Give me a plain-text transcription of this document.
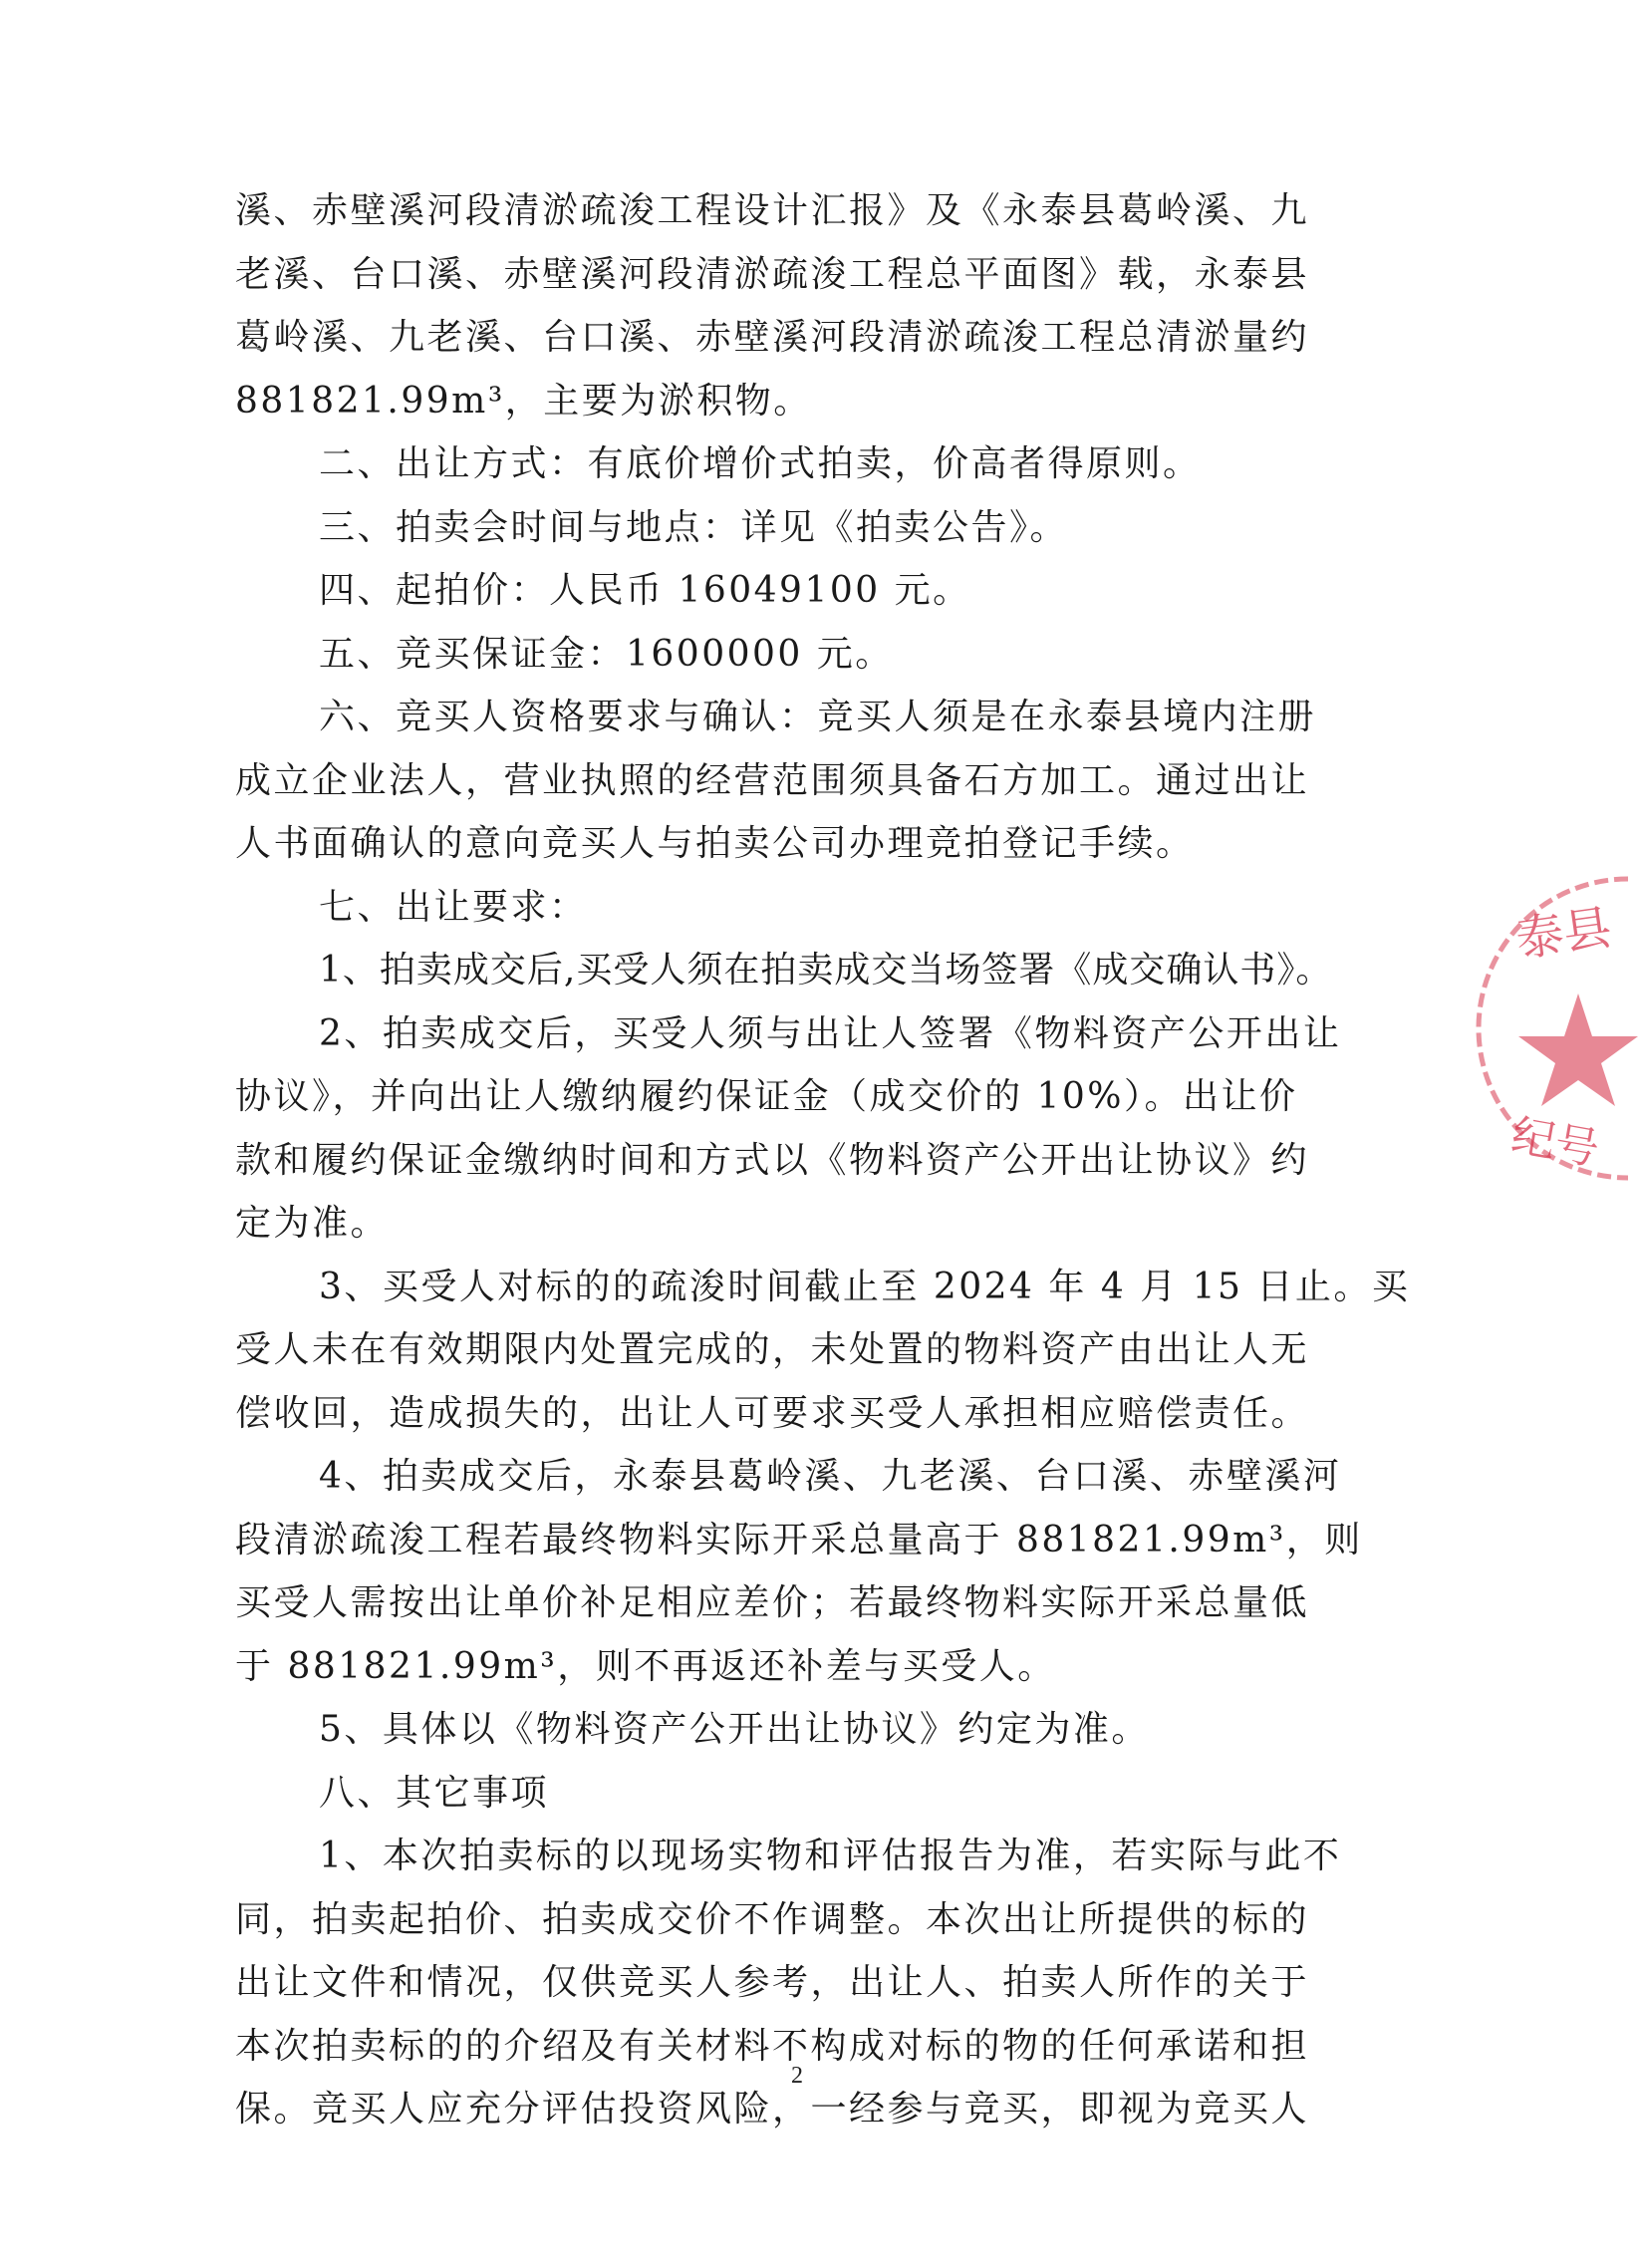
溪、赤壁溪河段清淤疏浚工程设计汇报》及《永泰县葛岭溪、九
老溪、台口溪、赤壁溪河段清淤疏浚工程总平面图》载，永泰县
葛岭溪、九老溪、台口溪、赤壁溪河段清淤疏浚工程总清淤量约
881821.99m³，主要为淤积物。
二、出让方式：有底价增价式拍卖，价高者得原则。
三、拍卖会时间与地点：详见《拍卖公告》。
四、起拍价：人民币 16049100 元。
五、竞买保证金：1600000 元。
六、竞买人资格要求与确认：竞买人须是在永泰县境内注册
成立企业法人，营业执照的经营范围须具备石方加工。通过出让
人书面确认的意向竞买人与拍卖公司办理竞拍登记手续。
七、出让要求：
1、拍卖成交后,买受人须在拍卖成交当场签署《成交确认书》。
2、拍卖成交后，买受人须与出让人签署《物料资产公开出让
协议》，并向出让人缴纳履约保证金（成交价的 10%）。出让价
款和履约保证金缴纳时间和方式以《物料资产公开出让协议》约
定为准。
3、买受人对标的的疏浚时间截止至 2024 年 4 月 15 日止。买
受人未在有效期限内处置完成的，未处置的物料资产由出让人无
偿收回，造成损失的，出让人可要求买受人承担相应赔偿责任。
4、拍卖成交后，永泰县葛岭溪、九老溪、台口溪、赤壁溪河
段清淤疏浚工程若最终物料实际开采总量高于 881821.99m³，则
买受人需按出让单价补足相应差价；若最终物料实际开采总量低
于 881821.99m³，则不再返还补差与买受人。
5、具体以《物料资产公开出让协议》约定为准。
八、其它事项
1、本次拍卖标的以现场实物和评估报告为准，若实际与此不
同，拍卖起拍价、拍卖成交价不作调整。本次出让所提供的标的
出让文件和情况，仅供竞买人参考，出让人、拍卖人所作的关于
本次拍卖标的的介绍及有关材料不构成对标的物的任何承诺和担
保。竞买人应充分评估投资风险，一经参与竞买，即视为竞买人
2
泰县
纪号
